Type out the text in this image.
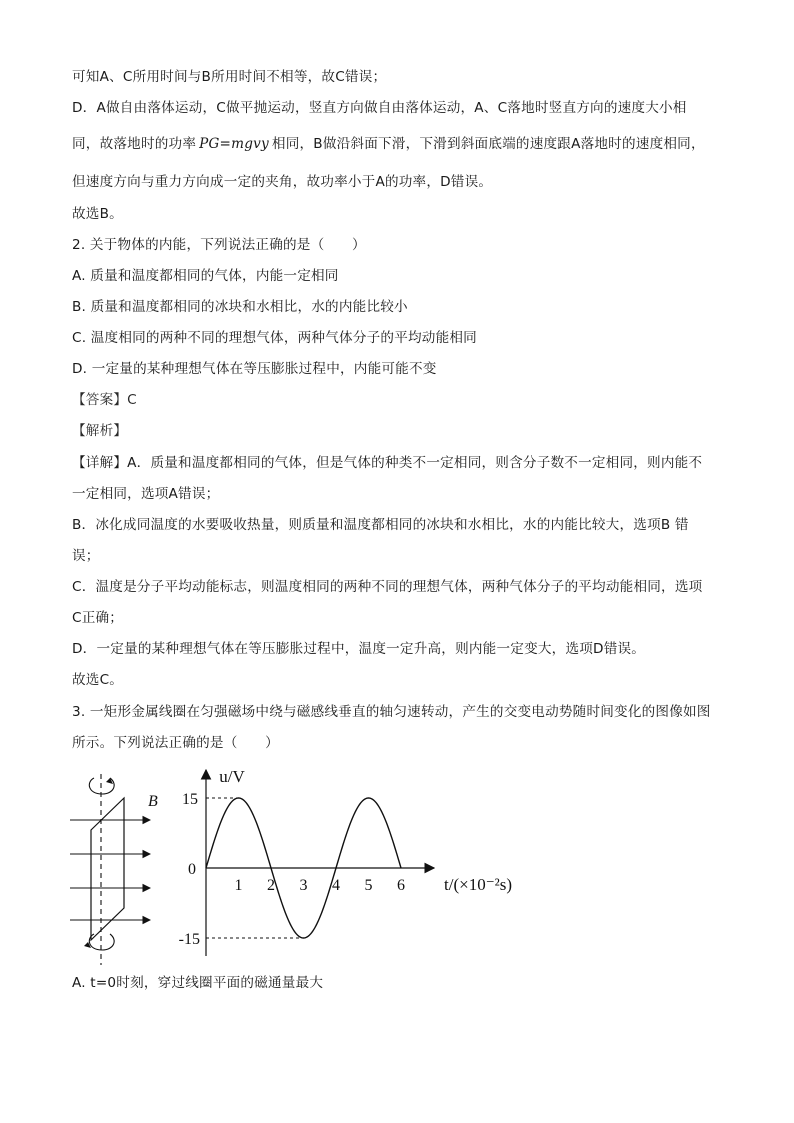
可知A、C所用时间与B所用时间不相等，故C错误；
D．A做自由落体运动，C做平抛运动，竖直方向做自由落体运动，A、C落地时竖直方向的速度大小相
同，故落地时的功率 PG=mgvy 相同，B做沿斜面下滑，下滑到斜面底端的速度跟A落地时的速度相同，
但速度方向与重力方向成一定的夹角，故功率小于A的功率，D错误。
故选B。
2. 关于物体的内能，下列说法正确的是（　　）
A. 质量和温度都相同的气体，内能一定相同
B. 质量和温度都相同的冰块和水相比，水的内能比较小
C. 温度相同的两种不同的理想气体，两种气体分子的平均动能相同
D. 一定量的某种理想气体在等压膨胀过程中，内能可能不变
【答案】C
【解析】
【详解】A．质量和温度都相同的气体，但是气体的种类不一定相同，则含分子数不一定相同，则内能不
一定相同，选项A错误；
B．冰化成同温度的水要吸收热量，则质量和温度都相同的冰块和水相比，水的内能比较大，选项B 错
误；
C．温度是分子平均动能标志，则温度相同的两种不同的理想气体，两种气体分子的平均动能相同，选项
C正确；
D．一定量的某种理想气体在等压膨胀过程中，温度一定升高，则内能一定变大，选项D错误。
故选C。
3. 一矩形金属线圈在匀强磁场中绕与磁感线垂直的轴匀速转动，产生的交变电动势随时间变化的图像如图
所示。下列说法正确的是（　　）
B
u/V
15
-15
0
1 2 3 4 5 6 t/(×10⁻²s)
A. t=0时刻，穿过线圈平面的磁通量最大
